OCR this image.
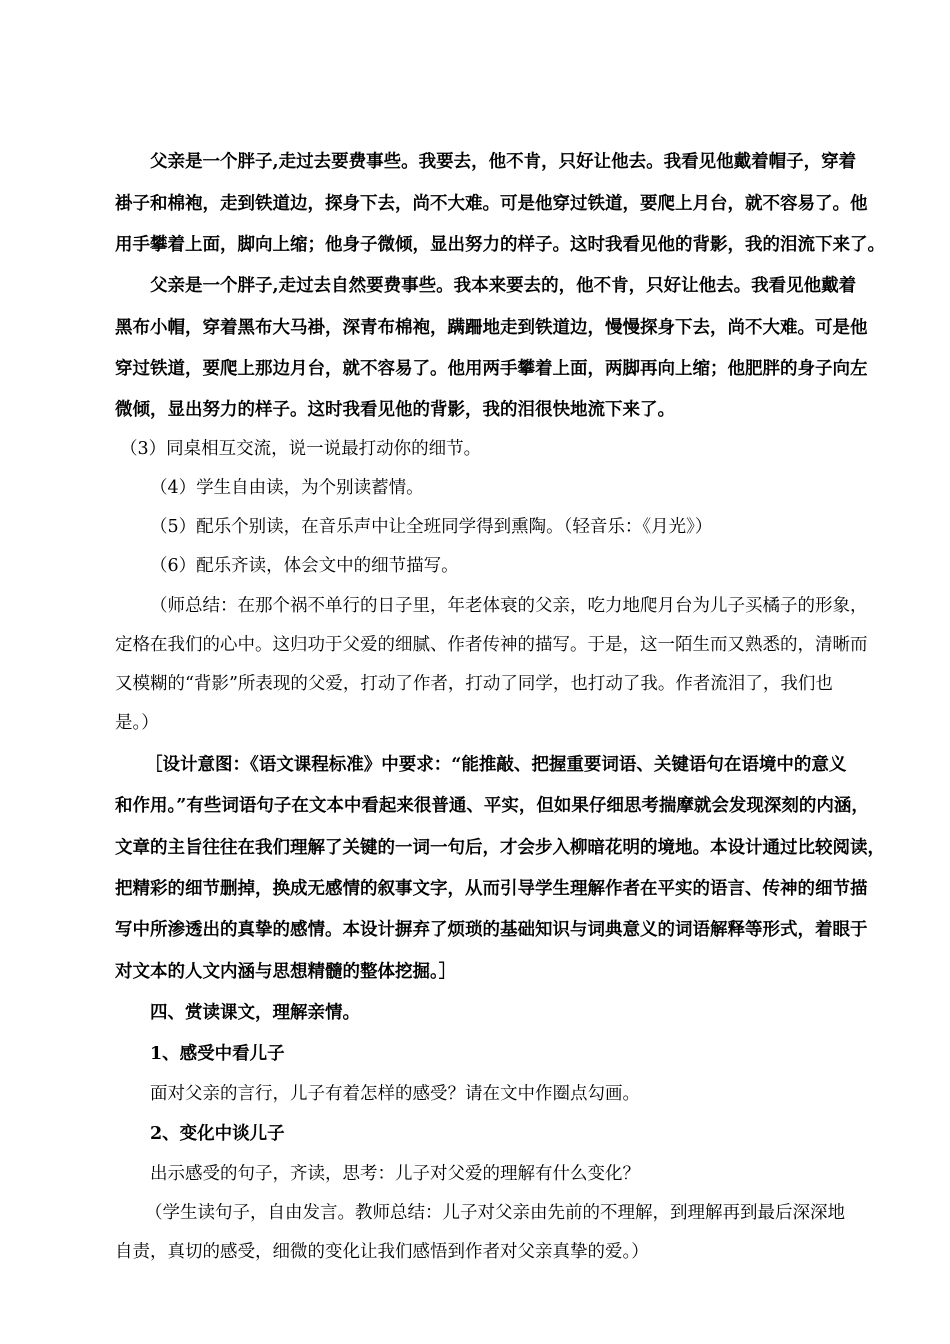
父亲是一个胖子,走过去要费事些。我要去，他不肯，只好让他去。我看见他戴着帽子，穿着
褂子和棉袍，走到铁道边，探身下去，尚不大难。可是他穿过铁道，要爬上月台，就不容易了。他
用手攀着上面，脚向上缩；他身子微倾，显出努力的样子。这时我看见他的背影，我的泪流下来了。
父亲是一个胖子,走过去自然要费事些。我本来要去的，他不肯，只好让他去。我看见他戴着
黑布小帽，穿着黑布大马褂，深青布棉袍，蹒跚地走到铁道边，慢慢探身下去，尚不大难。可是他
穿过铁道，要爬上那边月台，就不容易了。他用两手攀着上面，两脚再向上缩；他肥胖的身子向左
微倾，显出努力的样子。这时我看见他的背影，我的泪很快地流下来了。
（3）同桌相互交流，说一说最打动你的细节。
（4）学生自由读，为个别读蓄情。
（5）配乐个别读，在音乐声中让全班同学得到熏陶。（轻音乐：《月光》）
（6）配乐齐读，体会文中的细节描写。
（师总结：在那个祸不单行的日子里，年老体衰的父亲，吃力地爬月台为儿子买橘子的形象，
定格在我们的心中。这归功于父爱的细腻、作者传神的描写。于是，这一陌生而又熟悉的，清晰而
又模糊的“背影”所表现的父爱，打动了作者，打动了同学，也打动了我。作者流泪了，我们也
是。）
［设计意图：《语文课程标准》中要求：“能推敲、把握重要词语、关键语句在语境中的意义
和作用。”有些词语句子在文本中看起来很普通、平实，但如果仔细思考揣摩就会发现深刻的内涵，
文章的主旨往往在我们理解了关键的一词一句后，才会步入柳暗花明的境地。本设计通过比较阅读，
把精彩的细节删掉，换成无感情的叙事文字，从而引导学生理解作者在平实的语言、传神的细节描
写中所渗透出的真挚的感情。本设计摒弃了烦琐的基础知识与词典意义的词语解释等形式，着眼于
对文本的人文内涵与思想精髓的整体挖掘。］
四、赏读课文，理解亲情。
1、感受中看儿子
面对父亲的言行，儿子有着怎样的感受？请在文中作圈点勾画。
2、变化中谈儿子
出示感受的句子，齐读，思考：儿子对父爱的理解有什么变化？
（学生读句子，自由发言。教师总结：儿子对父亲由先前的不理解，到理解再到最后深深地
自责，真切的感受，细微的变化让我们感悟到作者对父亲真挚的爱。）
